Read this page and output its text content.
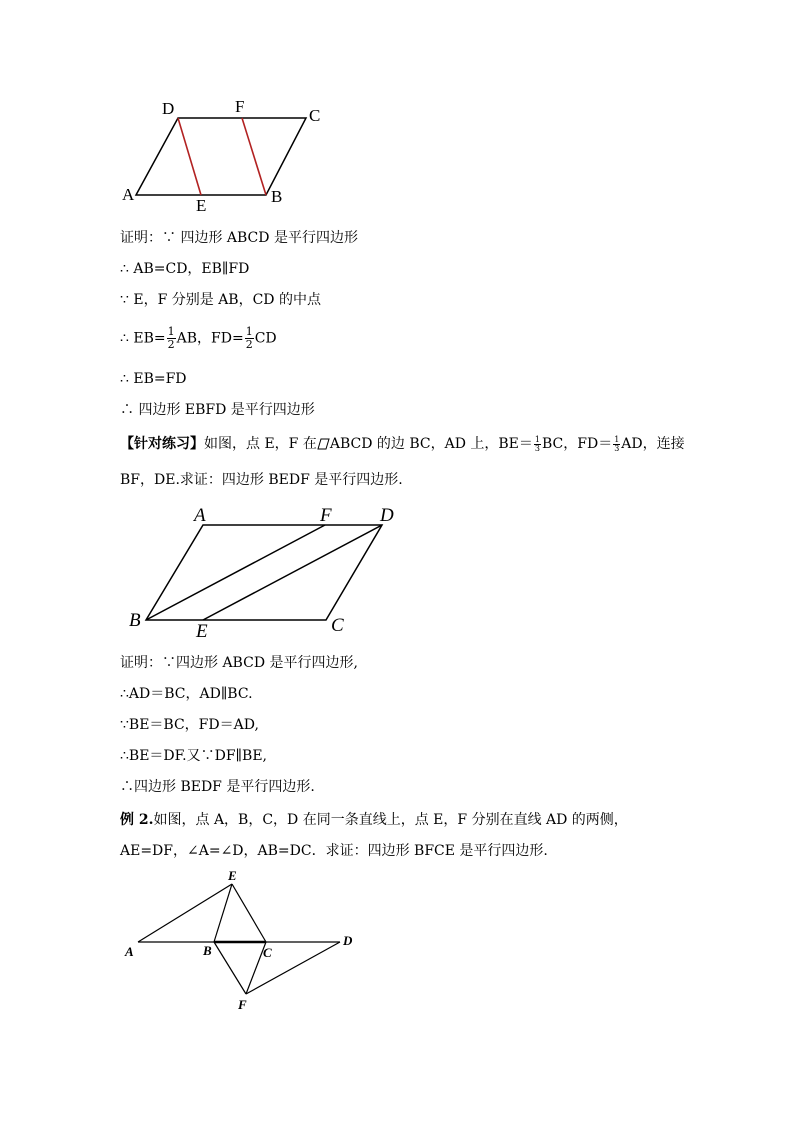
D	F	C
A
E	B
证明：∵ 四边形 ABCD 是平行四边形
∴ AB=CD，EB∥FD
∵ E，F 分别是 AB，CD 的中点
∴ $EB= \frac{1}{2}$ AB，$FD= \frac{1}{2}$ CD
∴ EB=FD
∴ 四边形 EBFD 是平行四边形
【针对练习】如图，点 E，F 在 ABCD 的边 BC，AD 上，$BE= \frac{1}{3}$ BC，$FD= \frac{1}{3}$ AD，连接
BF，DE.求证：四边形 BEDF 是平行四边形.
A	F	D
B
E	C
证明：∵四边形 ABCD 是平行四边形,
∴AD＝BC，AD∥BC.
∵BE＝BC，FD＝AD,
∴BE＝DF.又∵DF∥BE,
∴四边形 BEDF 是平行四边形.
例 2.如图，点 A，B，C，D 在同一条直线上，点 E，F 分别在直线 AD 的两侧，
AE=DF，∠A=∠D，AB=DC．求证：四边形 BFCE 是平行四边形.
E
A	B	C
D
F
